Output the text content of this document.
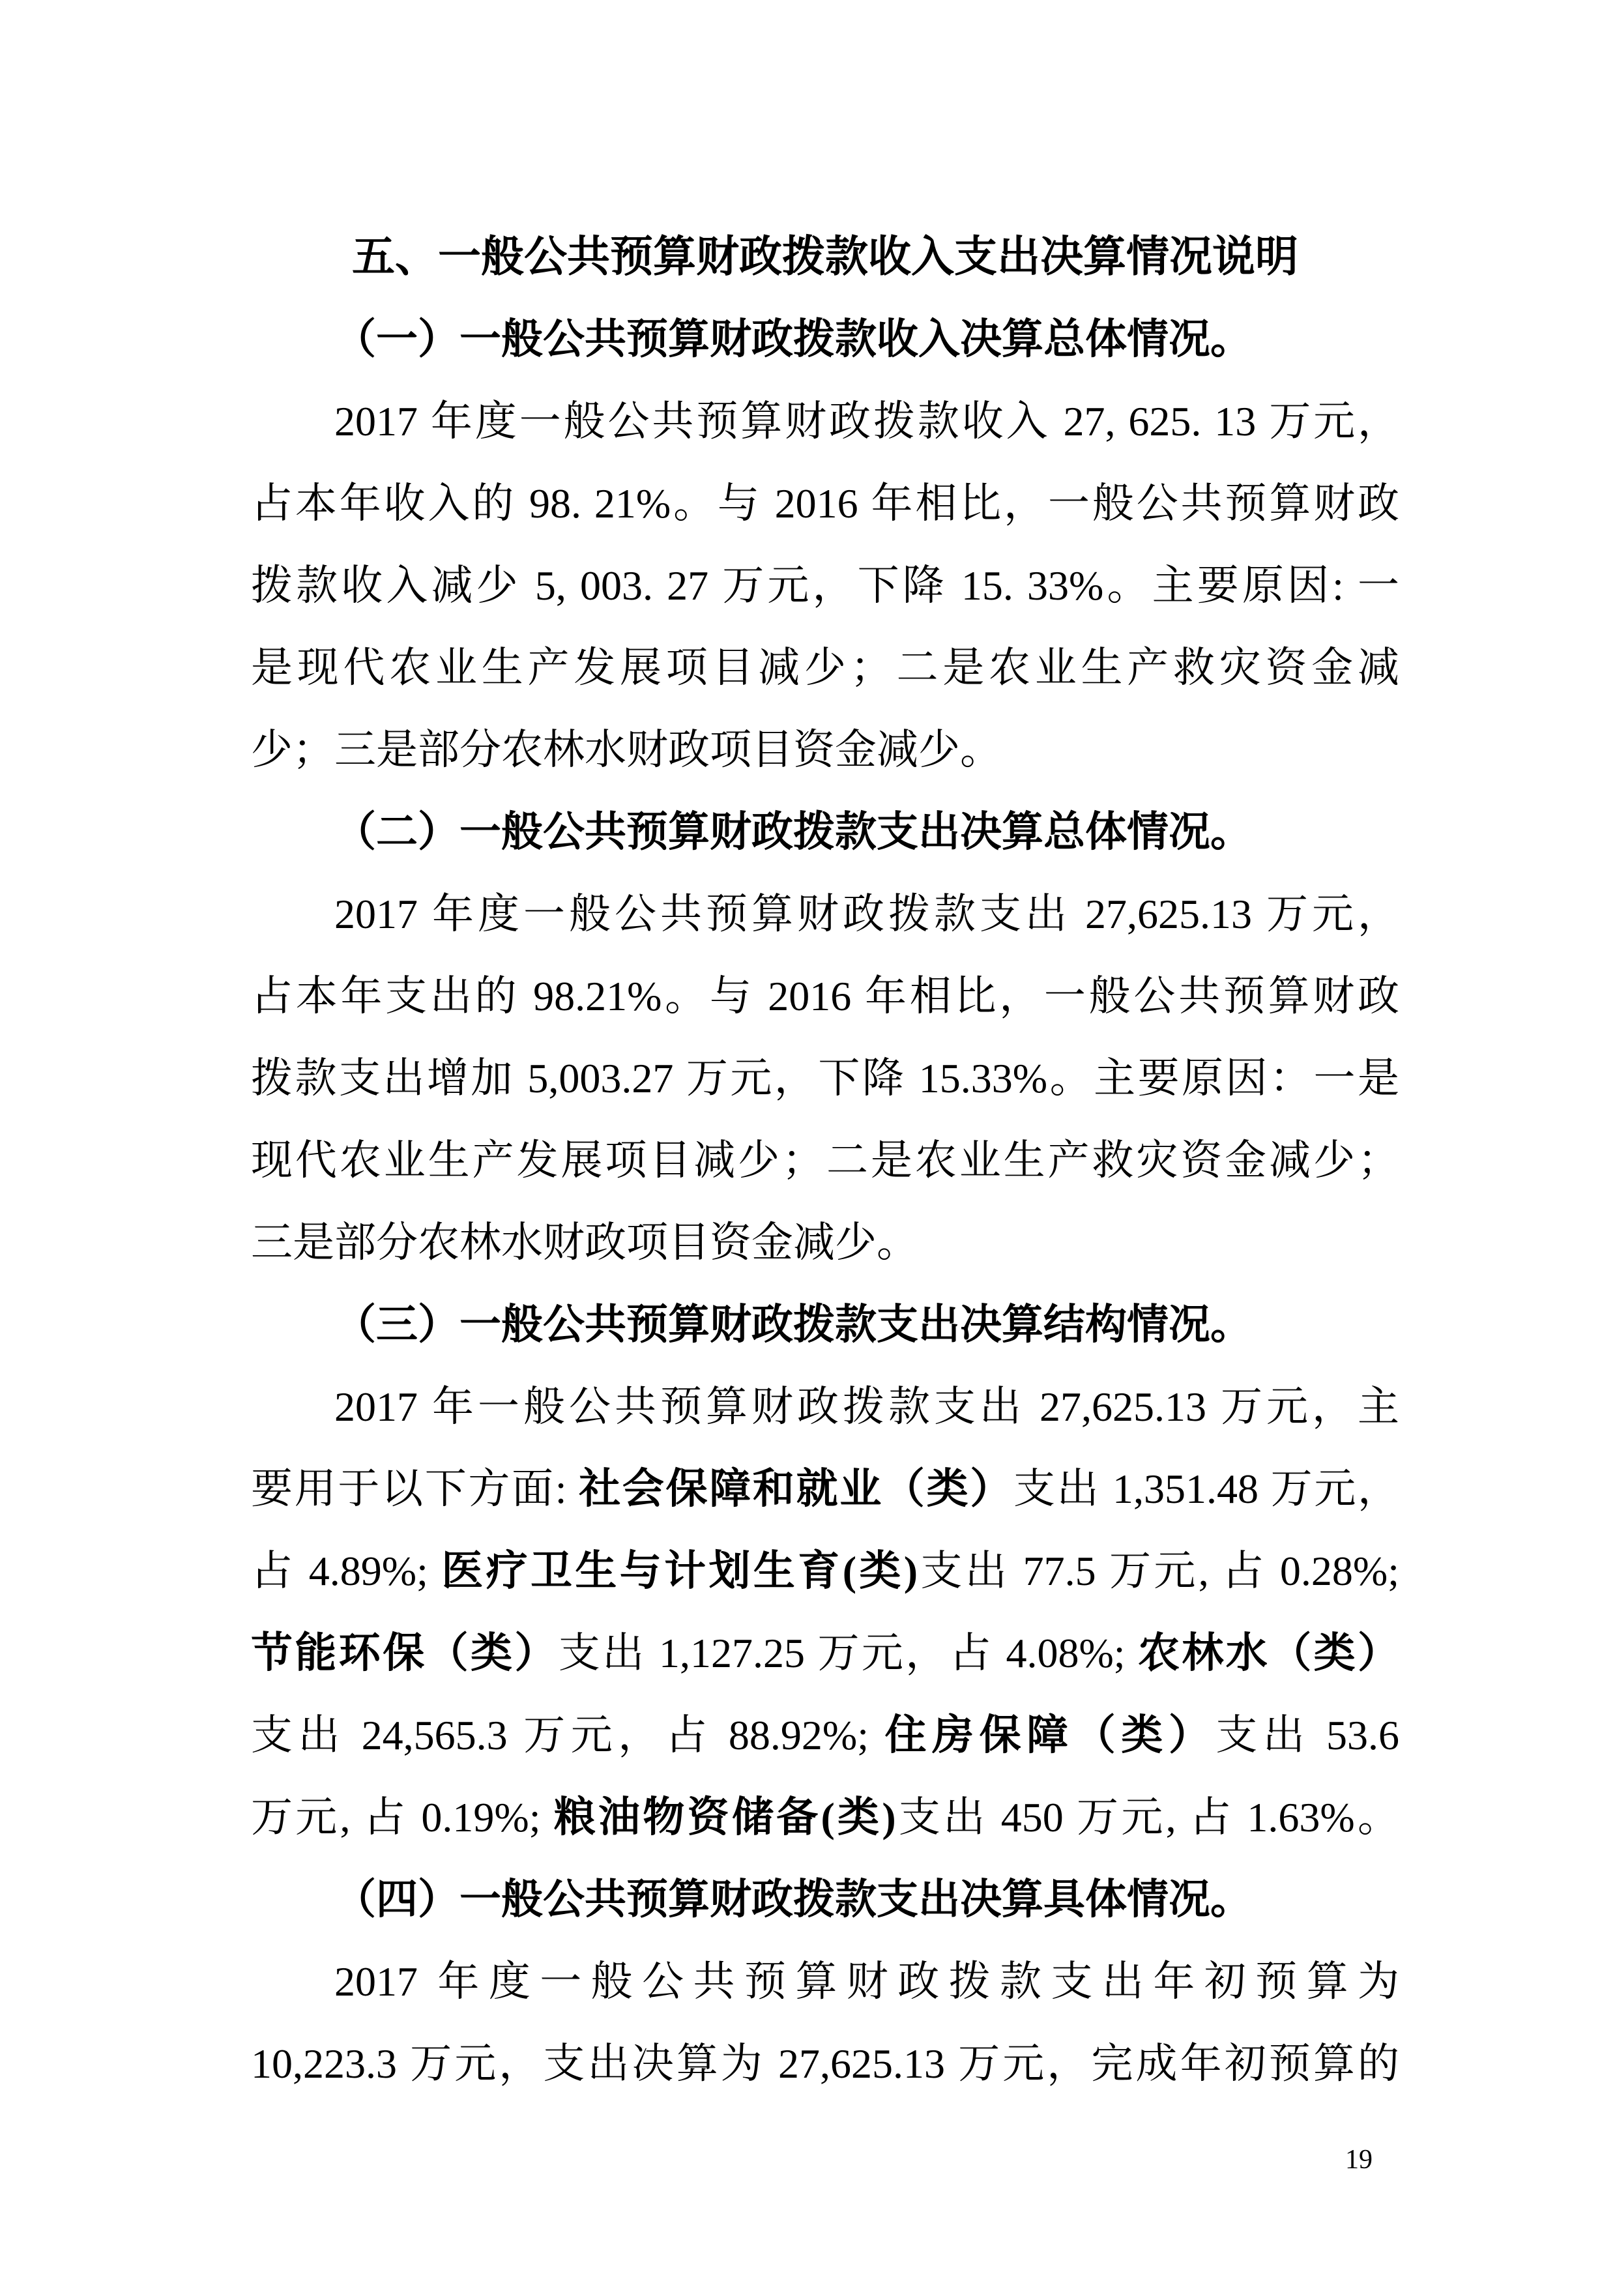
五、一般公共预算财政拨款收入支出决算情况说明
（一）一般公共预算财政拨款收入决算总体情况。
2017 年度一般公共预算财政拨款收入 27, 625. 13 万元，
占本年收入的 98. 21%。与 2016 年相比，一般公共预算财政
拨款收入减少 5, 003. 27 万元，下降 15. 33%。主要原因: 一
是现代农业生产发展项目减少；二是农业生产救灾资金减
少；三是部分农林水财政项目资金减少。
（二）一般公共预算财政拨款支出决算总体情况。
2017 年度一般公共预算财政拨款支出 27,625.13 万元，
占本年支出的 98.21%。与 2016 年相比，一般公共预算财政
拨款支出增加 5,003.27 万元，下降 15.33%。主要原因：一是
现代农业生产发展项目减少；二是农业生产救灾资金减少；
三是部分农林水财政项目资金减少。
（三）一般公共预算财政拨款支出决算结构情况。
2017 年一般公共预算财政拨款支出 27,625.13 万元，主
要用于以下方面: 社会保障和就业（类）支出 1,351.48 万元，
占 4.89%; 医疗卫生与计划生育(类)支出 77.5 万元, 占 0.28%;
节能环保（类）支出 1,127.25 万元，占 4.08%; 农林水（类）
支出 24,565.3 万元，占 88.92%; 住房保障（类）支出 53.6
万元, 占 0.19%; 粮油物资储备(类)支出 450 万元, 占 1.63%。
（四）一般公共预算财政拨款支出决算具体情况。
2017 年度一般公共预算财政拨款支出年初预算为
10,223.3 万元，支出决算为 27,625.13 万元，完成年初预算的
19
